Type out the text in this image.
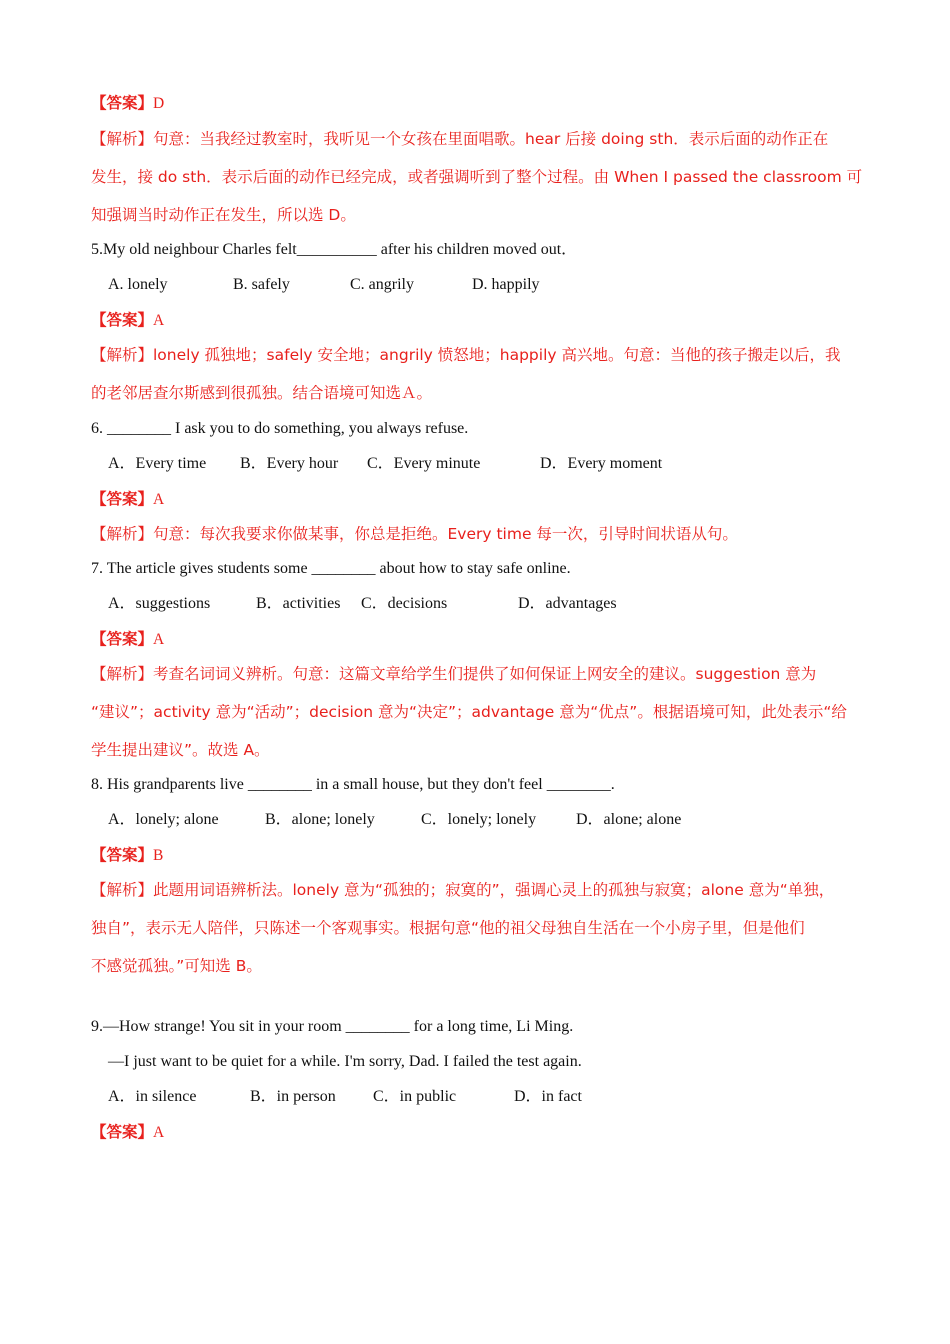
【答案】D
【解析】句意：当我经过教室时，我听见一个女孩在里面唱歌。hear 后接 doing sth．表示后面的动作正在
发生，接 do sth．表示后面的动作已经完成，或者强调听到了整个过程。由 When I passed the classroom 可
知强调当时动作正在发生，所以选 D。
5.My old neighbour Charles felt__________ after his children moved out．
A. lonely	B. safely	C. angrily	D. happily
【答案】A
【解析】lonely 孤独地；safely 安全地；angrily 愤怒地；happily 高兴地。句意：当他的孩子搬走以后，我
的老邻居查尔斯感到很孤独。结合语境可知选Ａ。
6. ________ I ask you to do something, you always refuse.
A．Every time B．Every hour C．Every minute	D．Every moment
【答案】A
【解析】句意：每次我要求你做某事，你总是拒绝。Every time 每一次，引导时间状语从句。
7. The article gives students some ________ about how to stay safe online.
A．suggestions	B．activities C．decisions	D．advantages
【答案】A
【解析】考查名词词义辨析。句意：这篇文章给学生们提供了如何保证上网安全的建议。suggestion 意为
“建议”；activity 意为“活动”；decision 意为“决定”；advantage 意为“优点”。根据语境可知，此处表示“给
学生提出建议”。故选 A。
8. His grandparents live ________ in a small house, but they don't feel ________.
A．lonely; alone	B．alone; lonely	C．lonely; lonely D．alone; alone
【答案】B
【解析】此题用词语辨析法。lonely 意为“孤独的；寂寞的”，强调心灵上的孤独与寂寞；alone 意为“单独，
独自”，表示无人陪伴，只陈述一个客观事实。根据句意“他的祖父母独自生活在一个小房子里，但是他们
不感觉孤独。”可知选 B。
9.—How strange! You sit in your room ________ for a long time, Li Ming.
—I just want to be quiet for a while. I'm sorry, Dad. I failed the test again.
A．in silence	B．in person C．in public	D．in fact
【答案】A
